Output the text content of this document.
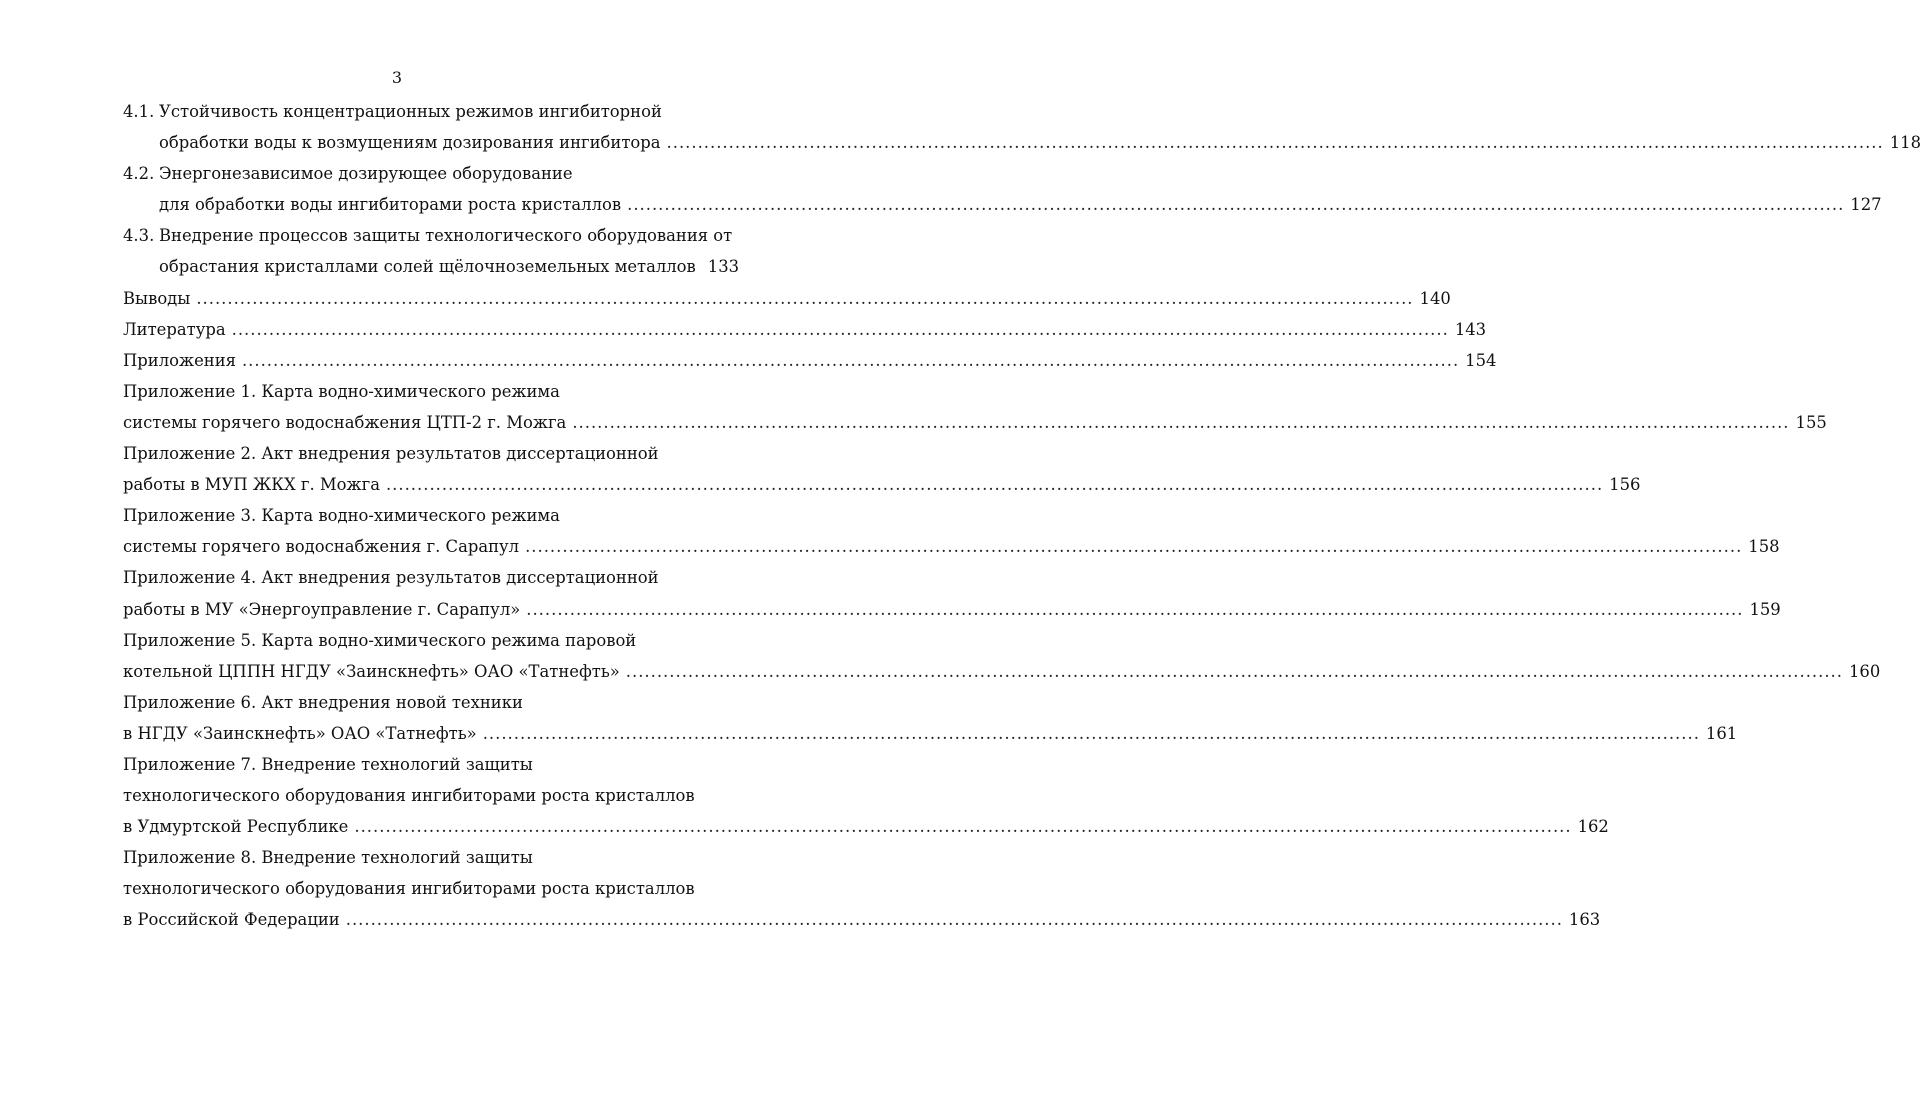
3
4.1. Устойчивость концентрационных режимов ингибиторной
обработки воды к возмущениям дозирования ингибитора .....	118
4.2. Энергонезависимое дозирующее оборудование
для обработки воды ингибиторами роста кристаллов .....	127
4.3. Внедрение процессов защиты технологического оборудования от
обрастания кристаллами солей щёлочноземельных металлов 133
Выводы .....	140
Литература .....	143
Приложения .....	154
Приложение 1. Карта водно-химического режима
системы горячего водоснабжения ЦТП-2 г. Можга .....	155
Приложение 2. Акт внедрения результатов диссертационной
работы в МУП ЖКХ г. Можга .....	156
Приложение 3. Карта водно-химического режима
системы горячего водоснабжения г. Сарапул .....	158
Приложение 4. Акт внедрения результатов диссертационной
работы в МУ «Энергоуправление г. Сарапул» .....	159
Приложение 5. Карта водно-химического режима паровой
котельной ЦППН НГДУ «Заинскнефть» ОАО «Татнефть» .....	160
Приложение 6. Акт внедрения новой техники
в НГДУ «Заинскнефть» ОАО «Татнефть» .....	161
Приложение 7. Внедрение технологий защиты
технологического оборудования ингибиторами роста кристаллов
в Удмуртской Республике .....	162
Приложение 8. Внедрение технологий защиты
технологического оборудования ингибиторами роста кристаллов
в Российской Федерации .....	163
